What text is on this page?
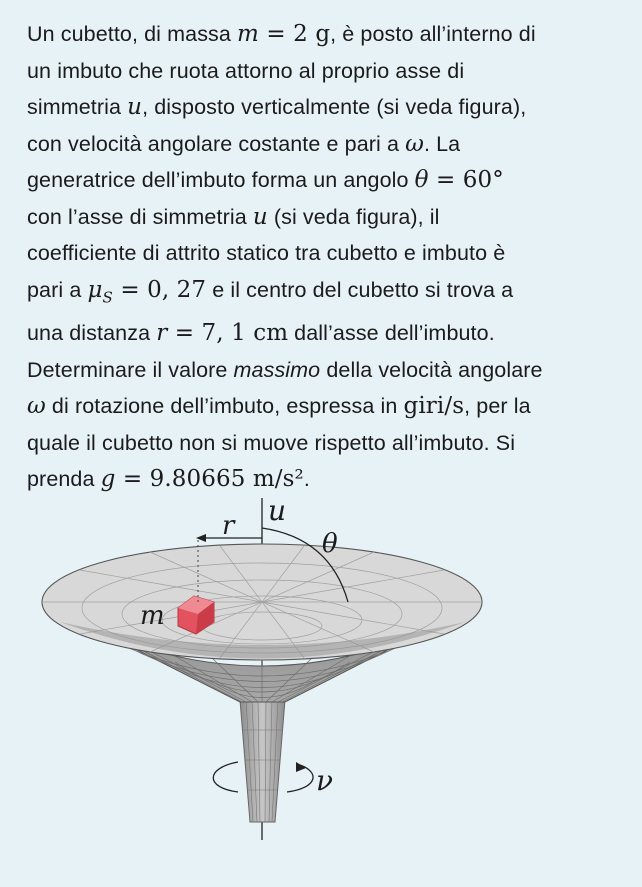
Un cubetto, di massa m = 2 g, è posto all’interno di
un imbuto che ruota attorno al proprio asse di
simmetria u, disposto verticalmente (si veda figura),
con velocità angolare costante e pari a ω. La
generatrice dell’imbuto forma un angolo θ = 60°
con l’asse di simmetria u (si veda figura), il
coefficiente di attrito statico tra cubetto e imbuto è
pari a $\mu_S = 0$, 27 e il centro del cubetto si trova a
una distanza r = 7, 1 cm dall’asse dell’imbuto.
Determinare il valore massimo della velocità angolare
ω di rotazione dell’imbuto, espressa in giri/s, per la
quale il cubetto non si muove rispetto all’imbuto. Si
prenda g = 9.80665 m/s².
u
r
θ
m
ν
